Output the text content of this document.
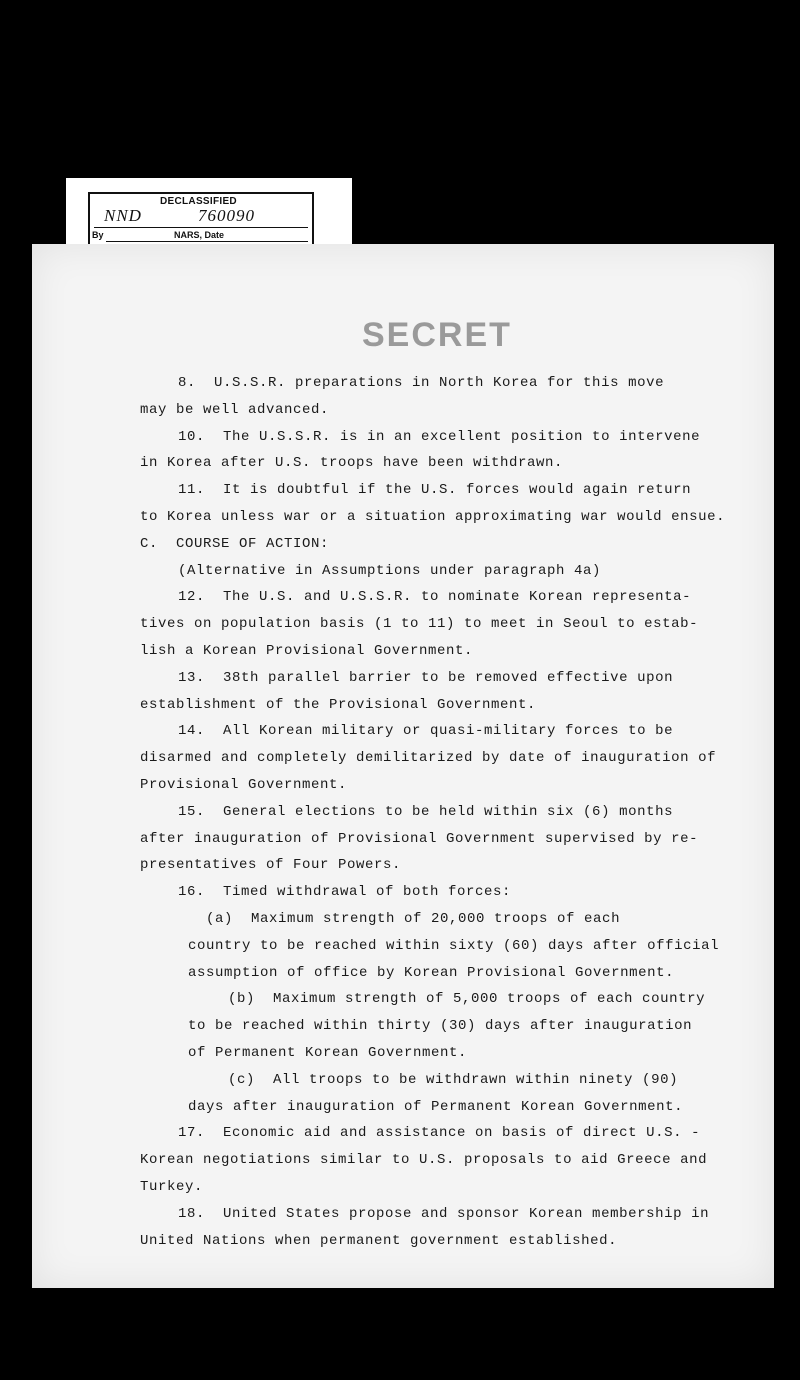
DECLASSIFIED
NND	760090
By	NARS, Date
SECRET
8.  U.S.S.R. preparations in North Korea for this move
may be well advanced.
10.  The U.S.S.R. is in an excellent position to intervene
in Korea after U.S. troops have been withdrawn.
11.  It is doubtful if the U.S. forces would again return
to Korea unless war or a situation approximating war would ensue.
C.  COURSE OF ACTION:
(Alternative in Assumptions under paragraph 4a)
12.  The U.S. and U.S.S.R. to nominate Korean representa-
tives on population basis (1 to 11) to meet in Seoul to estab-
lish a Korean Provisional Government.
13.  38th parallel barrier to be removed effective upon
establishment of the Provisional Government.
14.  All Korean military or quasi-military forces to be
disarmed and completely demilitarized by date of inauguration of
Provisional Government.
15.  General elections to be held within six (6) months
after inauguration of Provisional Government supervised by re-
presentatives of Four Powers.
16.  Timed withdrawal of both forces:
(a)  Maximum strength of 20,000 troops of each
country to be reached within sixty (60) days after official
assumption of office by Korean Provisional Government.
(b)  Maximum strength of 5,000 troops of each country
to be reached within thirty (30) days after inauguration
of Permanent Korean Government.
(c)  All troops to be withdrawn within ninety (90)
days after inauguration of Permanent Korean Government.
17.  Economic aid and assistance on basis of direct U.S. -
Korean negotiations similar to U.S. proposals to aid Greece and
Turkey.
18.  United States propose and sponsor Korean membership in
United Nations when permanent government established.
